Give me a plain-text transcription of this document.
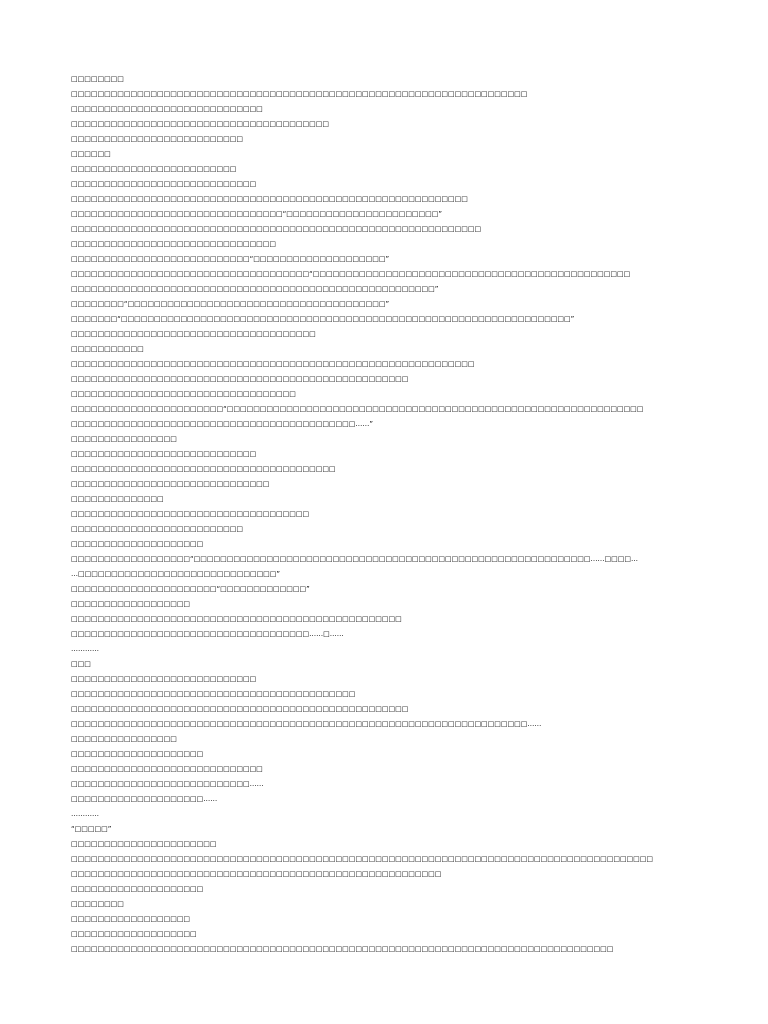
□□□□□□□□

□□□□□□□□□□□□□□□□□□□□□□□□□□□□□□□□□□□□□□□□□□□□□□□□□□□□□□□□□□□□□□□□□□□□□

□□□□□□□□□□□□□□□□□□□□□□□□□□□□□

□□□□□□□□□□□□□□□□□□□□□□□□□□□□□□□□□□□□□□□

□□□□□□□□□□□□□□□□□□□□□□□□□□

□□□□□□

□□□□□□□□□□□□□□□□□□□□□□□□□

□□□□□□□□□□□□□□□□□□□□□□□□□□□□

□□□□□□□□□□□□□□□□□□□□□□□□□□□□□□□□□□□□□□□□□□□□□□□□□□□□□□□□□□□□

□□□□□□□□□□□□□□□□□□□□□□□□□□□□□□□□“□□□□□□□□□□□□□□□□□□□□□□□”

□□□□□□□□□□□□□□□□□□□□□□□□□□□□□□□□□□□□□□□□□□□□□□□□□□□□□□□□□□□□□□

□□□□□□□□□□□□□□□□□□□□□□□□□□□□□□□

□□□□□□□□□□□□□□□□□□□□□□□□□□□“□□□□□□□□□□□□□□□□□□□□”

□□□□□□□□□□□□□□□□□□□□□□□□□□□□□□□□□□□□“□□□□□□□□□□□□□□□□□□□□□□□□□□□□□□□□□□□□□□□□□□□□□□□□

□□□□□□□□□□□□□□□□□□□□□□□□□□□□□□□□□□□□□□□□□□□□□□□□□□□□□□□”

□□□□□□□□“□□□□□□□□□□□□□□□□□□□□□□□□□□□□□□□□□□□□□□□”

□□□□□□□“□□□□□□□□□□□□□□□□□□□□□□□□□□□□□□□□□□□□□□□□□□□□□□□□□□□□□□□□□□□□□□□□□□□□”

□□□□□□□□□□□□□□□□□□□□□□□□□□□□□□□□□□□□□

□□□□□□□□□□□

□□□□□□□□□□□□□□□□□□□□□□□□□□□□□□□□□□□□□□□□□□□□□□□□□□□□□□□□□□□□□

□□□□□□□□□□□□□□□□□□□□□□□□□□□□□□□□□□□□□□□□□□□□□□□□□□□

□□□□□□□□□□□□□□□□□□□□□□□□□□□□□□□□□□

□□□□□□□□□□□□□□□□□□□□□□□“□□□□□□□□□□□□□□□□□□□□□□□□□□□□□□□□□□□□□□□□□□□□□□□□□□□□□□□□□□□□□□□

□□□□□□□□□□□□□□□□□□□□□□□□□□□□□□□□□□□□□□□□□□□……”

□□□□□□□□□□□□□□□□

□□□□□□□□□□□□□□□□□□□□□□□□□□□□

□□□□□□□□□□□□□□□□□□□□□□□□□□□□□□□□□□□□□□□□

□□□□□□□□□□□□□□□□□□□□□□□□□□□□□□

□□□□□□□□□□□□□□

□□□□□□□□□□□□□□□□□□□□□□□□□□□□□□□□□□□□

□□□□□□□□□□□□□□□□□□□□□□□□□□

□□□□□□□□□□□□□□□□□□□□

□□□□□□□□□□□□□□□□□□“□□□□□□□□□□□□□□□□□□□□□□□□□□□□□□□□□□□□□□□□□□□□□□□□□□□□□□□□□□□□……□□□□…

…□□□□□□□□□□□□□□□□□□□□□□□□□□□□□□”

□□□□□□□□□□□□□□□□□□□□□□“□□□□□□□□□□□□□”

□□□□□□□□□□□□□□□□□□

□□□□□□□□□□□□□□□□□□□□□□□□□□□□□□□□□□□□□□□□□□□□□□□□□□

□□□□□□□□□□□□□□□□□□□□□□□□□□□□□□□□□□□□……□……

…………

□□□

□□□□□□□□□□□□□□□□□□□□□□□□□□□□

□□□□□□□□□□□□□□□□□□□□□□□□□□□□□□□□□□□□□□□□□□□

□□□□□□□□□□□□□□□□□□□□□□□□□□□□□□□□□□□□□□□□□□□□□□□□□□□

□□□□□□□□□□□□□□□□□□□□□□□□□□□□□□□□□□□□□□□□□□□□□□□□□□□□□□□□□□□□□□□□□□□□□……

□□□□□□□□□□□□□□□□

□□□□□□□□□□□□□□□□□□□□

□□□□□□□□□□□□□□□□□□□□□□□□□□□□□

□□□□□□□□□□□□□□□□□□□□□□□□□□□……

□□□□□□□□□□□□□□□□□□□□……

…………

“□□□□□”

□□□□□□□□□□□□□□□□□□□□□□

□□□□□□□□□□□□□□□□□□□□□□□□□□□□□□□□□□□□□□□□□□□□□□□□□□□□□□□□□□□□□□□□□□□□□□□□□□□□□□□□□□□□□□□□

□□□□□□□□□□□□□□□□□□□□□□□□□□□□□□□□□□□□□□□□□□□□□□□□□□□□□□□□

□□□□□□□□□□□□□□□□□□□□

□□□□□□□□

□□□□□□□□□□□□□□□□□□

□□□□□□□□□□□□□□□□□□□

□□□□□□□□□□□□□□□□□□□□□□□□□□□□□□□□□□□□□□□□□□□□□□□□□□□□□□□□□□□□□□□□□□□□□□□□□□□□□□□□□□
